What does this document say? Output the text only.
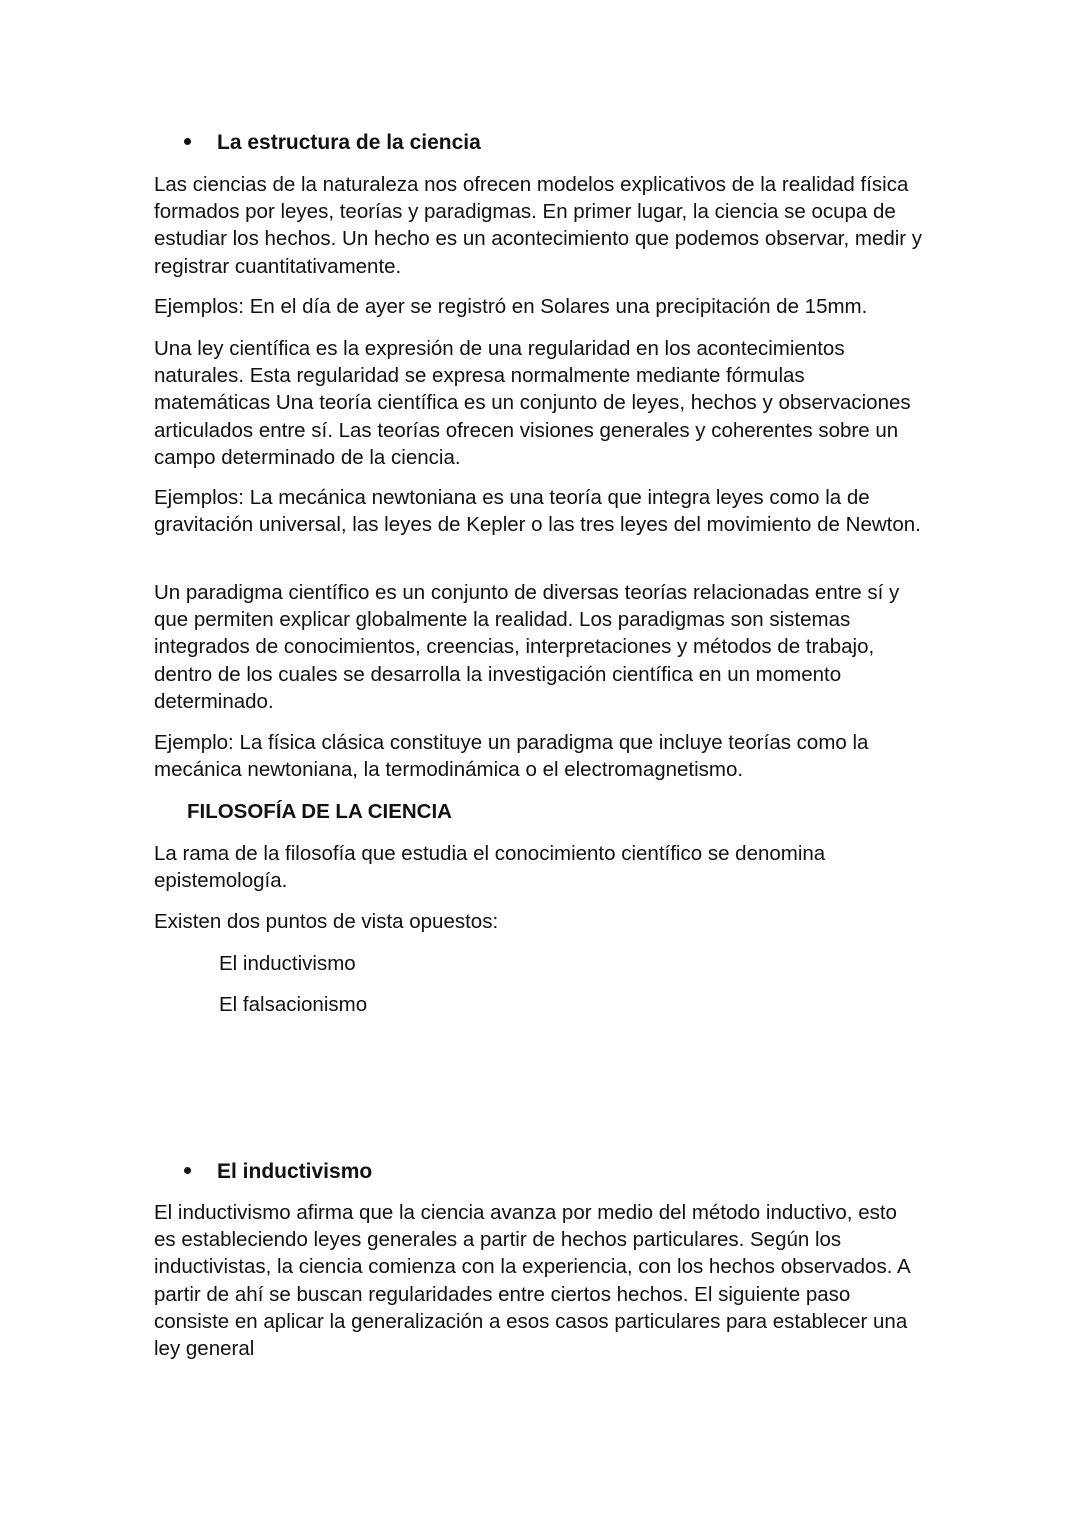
La estructura de la ciencia

Las ciencias de la naturaleza nos ofrecen modelos explicativos de la realidad física formados por leyes, teorías y paradigmas. En primer lugar, la ciencia se ocupa de estudiar los hechos. Un hecho es un acontecimiento que podemos observar, medir y registrar cuantitativamente.

Ejemplos: En el día de ayer se registró en Solares una precipitación de 15mm.

Una ley científica es la expresión de una regularidad en los acontecimientos naturales. Esta regularidad se expresa normalmente mediante fórmulas matemáticas Una teoría científica es un conjunto de leyes, hechos y observaciones articulados entre sí. Las teorías ofrecen visiones generales y coherentes sobre un campo determinado de la ciencia.

Ejemplos: La mecánica newtoniana es una teoría que integra leyes como la de gravitación universal, las leyes de Kepler o las tres leyes del movimiento de Newton.

Un paradigma científico es un conjunto de diversas teorías relacionadas entre sí y que permiten explicar globalmente la realidad. Los paradigmas son sistemas integrados de conocimientos, creencias, interpretaciones y métodos de trabajo, dentro de los cuales se desarrolla la investigación científica en un momento determinado.

Ejemplo: La física clásica constituye un paradigma que incluye teorías como la mecánica newtoniana, la termodinámica o el electromagnetismo.

FILOSOFÍA DE LA CIENCIA

La rama de la filosofía que estudia el conocimiento científico se denomina epistemología.

Existen dos puntos de vista opuestos:

El inductivismo
El falsacionismo
El inductivismo

El inductivismo afirma que la ciencia avanza por medio del método inductivo, esto es estableciendo leyes generales a partir de hechos particulares. Según los inductivistas, la ciencia comienza con la experiencia, con los hechos observados. A partir de ahí se buscan regularidades entre ciertos hechos. El siguiente paso consiste en aplicar la generalización a esos casos particulares para establecer una ley general
